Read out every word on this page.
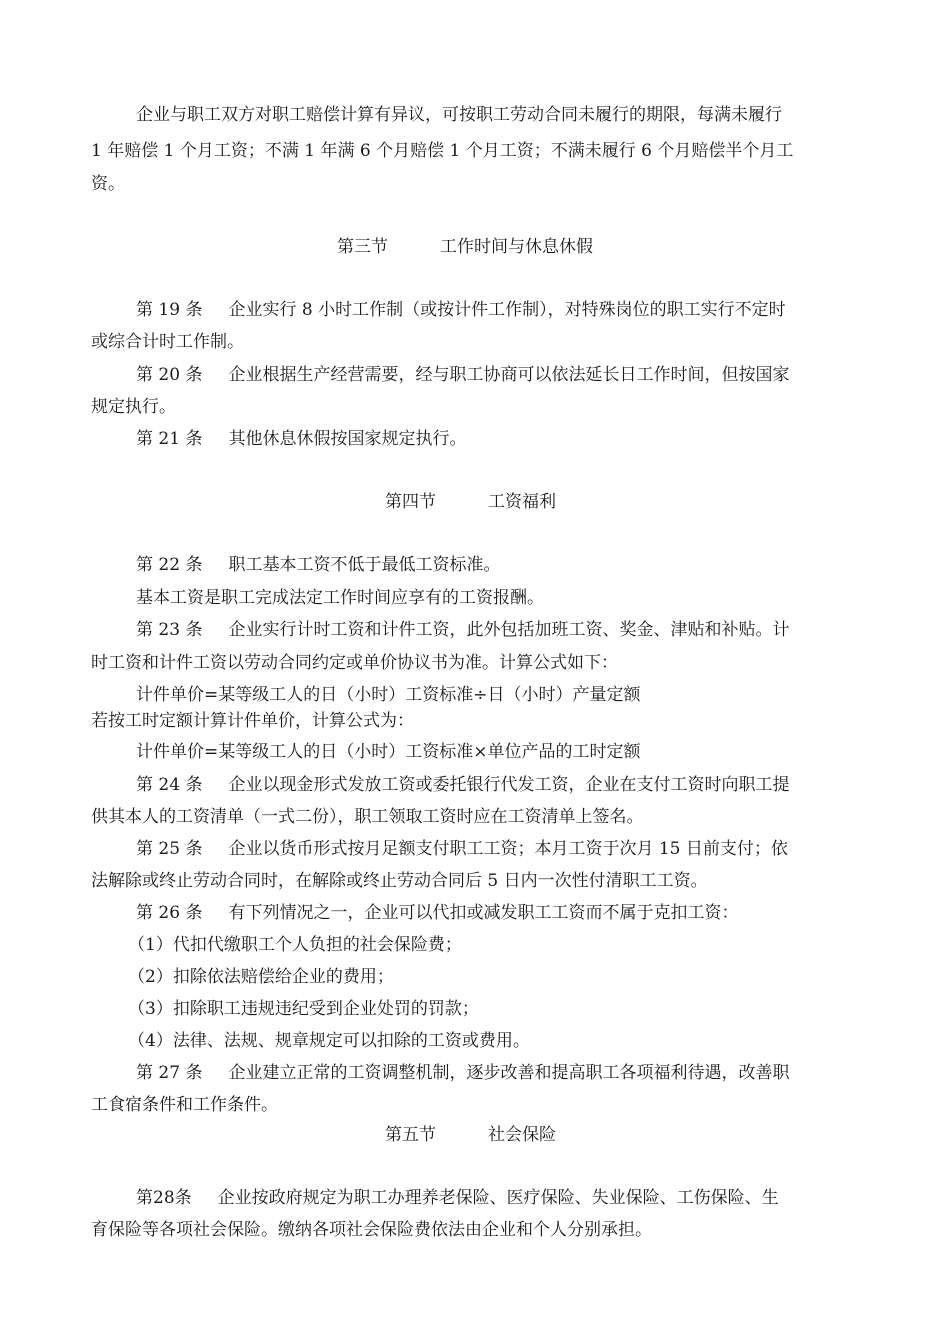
企业与职工双方对职工赔偿计算有异议，可按职工劳动合同未履行的期限，每满未履行
1 年赔偿 1 个月工资；不满 1 年满 6 个月赔偿 1 个月工资；不满未履行 6 个月赔偿半个月工
资。
第三节	工作时间与休息休假
第 19 条 企业实行 8 小时工作制（或按计件工作制），对特殊岗位的职工实行不定时
或综合计时工作制。
第 20 条 企业根据生产经营需要，经与职工协商可以依法延长日工作时间，但按国家
规定执行。
第 21 条 其他休息休假按国家规定执行。
第四节	工资福利
第 22 条 职工基本工资不低于最低工资标准。
基本工资是职工完成法定工作时间应享有的工资报酬。
第 23 条 企业实行计时工资和计件工资，此外包括加班工资、奖金、津贴和补贴。计
时工资和计件工资以劳动合同约定或单价协议书为准。计算公式如下：
计件单价=某等级工人的日（小时）工资标准÷日（小时）产量定额
若按工时定额计算计件单价，计算公式为：
计件单价=某等级工人的日（小时）工资标准×单位产品的工时定额
第 24 条 企业以现金形式发放工资或委托银行代发工资，企业在支付工资时向职工提
供其本人的工资清单（一式二份），职工领取工资时应在工资清单上签名。
第 25 条 企业以货币形式按月足额支付职工工资；本月工资于次月 15 日前支付；依
法解除或终止劳动合同时，在解除或终止劳动合同后 5 日内一次性付清职工工资。
第 26 条 有下列情况之一，企业可以代扣或减发职工工资而不属于克扣工资：
（1）代扣代缴职工个人负担的社会保险费；
（2）扣除依法赔偿给企业的费用；
（3）扣除职工违规违纪受到企业处罚的罚款；
（4）法律、法规、规章规定可以扣除的工资或费用。
第 27 条 企业建立正常的工资调整机制，逐步改善和提高职工各项福利待遇，改善职
工食宿条件和工作条件。
第五节	社会保险
第28条 企业按政府规定为职工办理养老保险、医疗保险、失业保险、工伤保险、生
育保险等各项社会保险。缴纳各项社会保险费依法由企业和个人分别承担。
